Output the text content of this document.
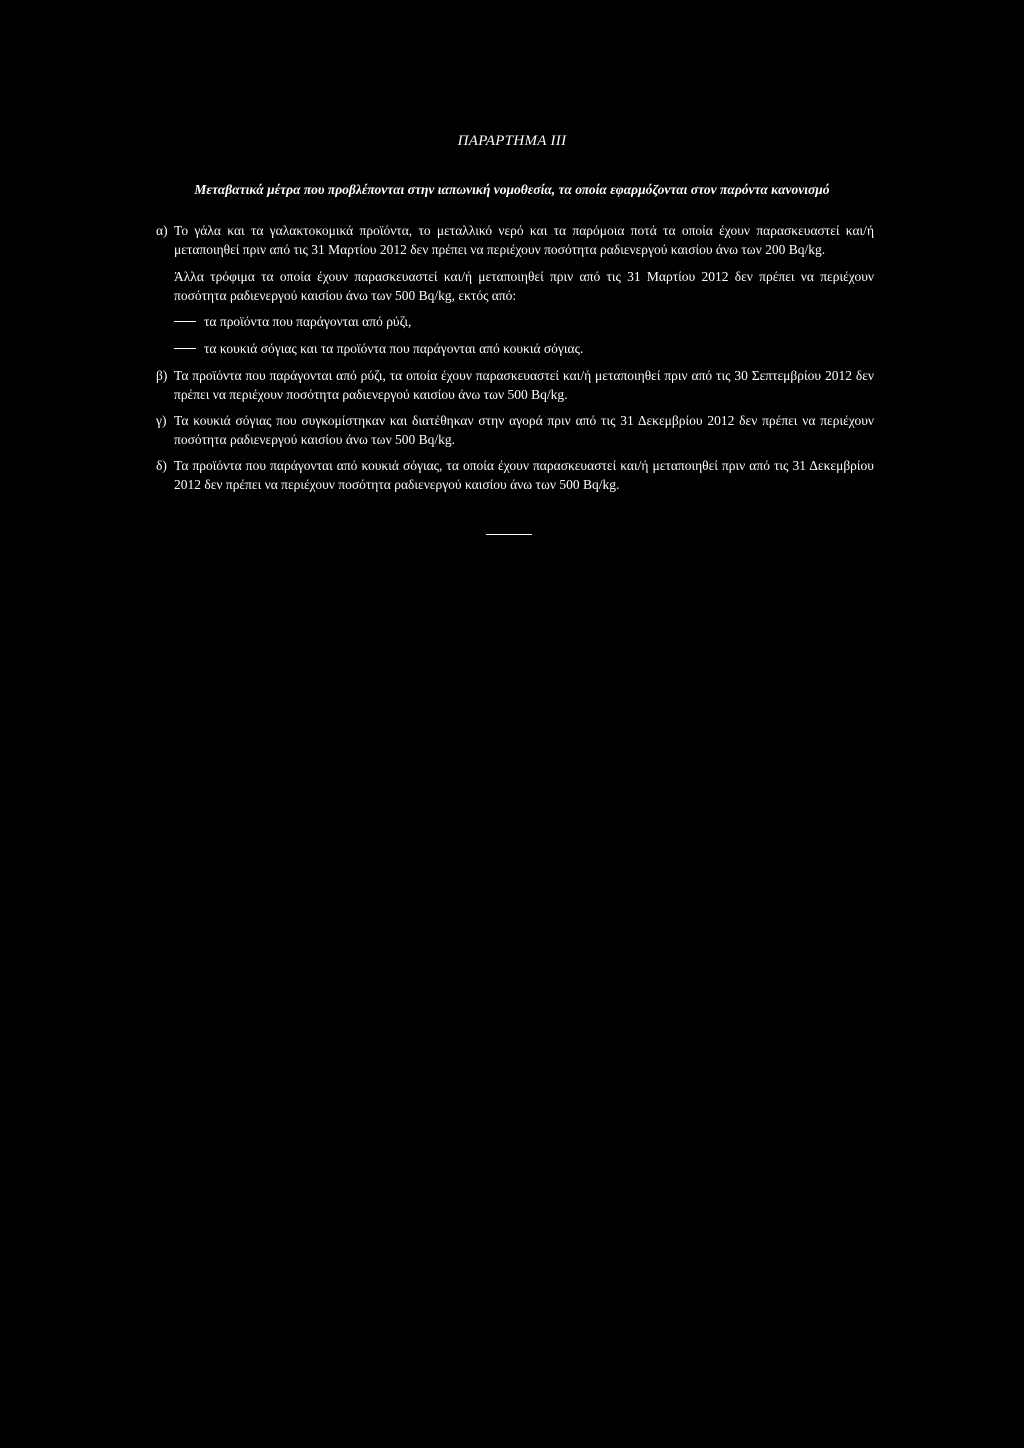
ΠΑΡΑΡΤΗΜΑ III
Μεταβατικά μέτρα που προβλέπονται στην ιαπωνική νομοθεσία, τα οποία εφαρμόζονται στον παρόντα κανονισμό
α) Το γάλα και τα γαλακτοκομικά προϊόντα, το μεταλλικό νερό και τα παρόμοια ποτά τα οποία έχουν παρασκευαστεί και/ή μεταποιηθεί πριν από τις 31 Μαρτίου 2012 δεν πρέπει να περιέχουν ποσότητα ραδιενεργού καισίου άνω των 200 Bq/kg.
Άλλα τρόφιμα τα οποία έχουν παρασκευαστεί και/ή μεταποιηθεί πριν από τις 31 Μαρτίου 2012 δεν πρέπει να περιέχουν ποσότητα ραδιενεργού καισίου άνω των 500 Bq/kg, εκτός από:
τα προϊόντα που παράγονται από ρύζι,
τα κουκιά σόγιας και τα προϊόντα που παράγονται από κουκιά σόγιας.
β) Τα προϊόντα που παράγονται από ρύζι, τα οποία έχουν παρασκευαστεί και/ή μεταποιηθεί πριν από τις 30 Σεπτεμβρίου 2012 δεν πρέπει να περιέχουν ποσότητα ραδιενεργού καισίου άνω των 500 Bq/kg.
γ) Τα κουκιά σόγιας που συγκομίστηκαν και διατέθηκαν στην αγορά πριν από τις 31 Δεκεμβρίου 2012 δεν πρέπει να περιέχουν ποσότητα ραδιενεργού καισίου άνω των 500 Bq/kg.
δ) Τα προϊόντα που παράγονται από κουκιά σόγιας, τα οποία έχουν παρασκευαστεί και/ή μεταποιηθεί πριν από τις 31 Δεκεμβρίου 2012 δεν πρέπει να περιέχουν ποσότητα ραδιενεργού καισίου άνω των 500 Bq/kg.
